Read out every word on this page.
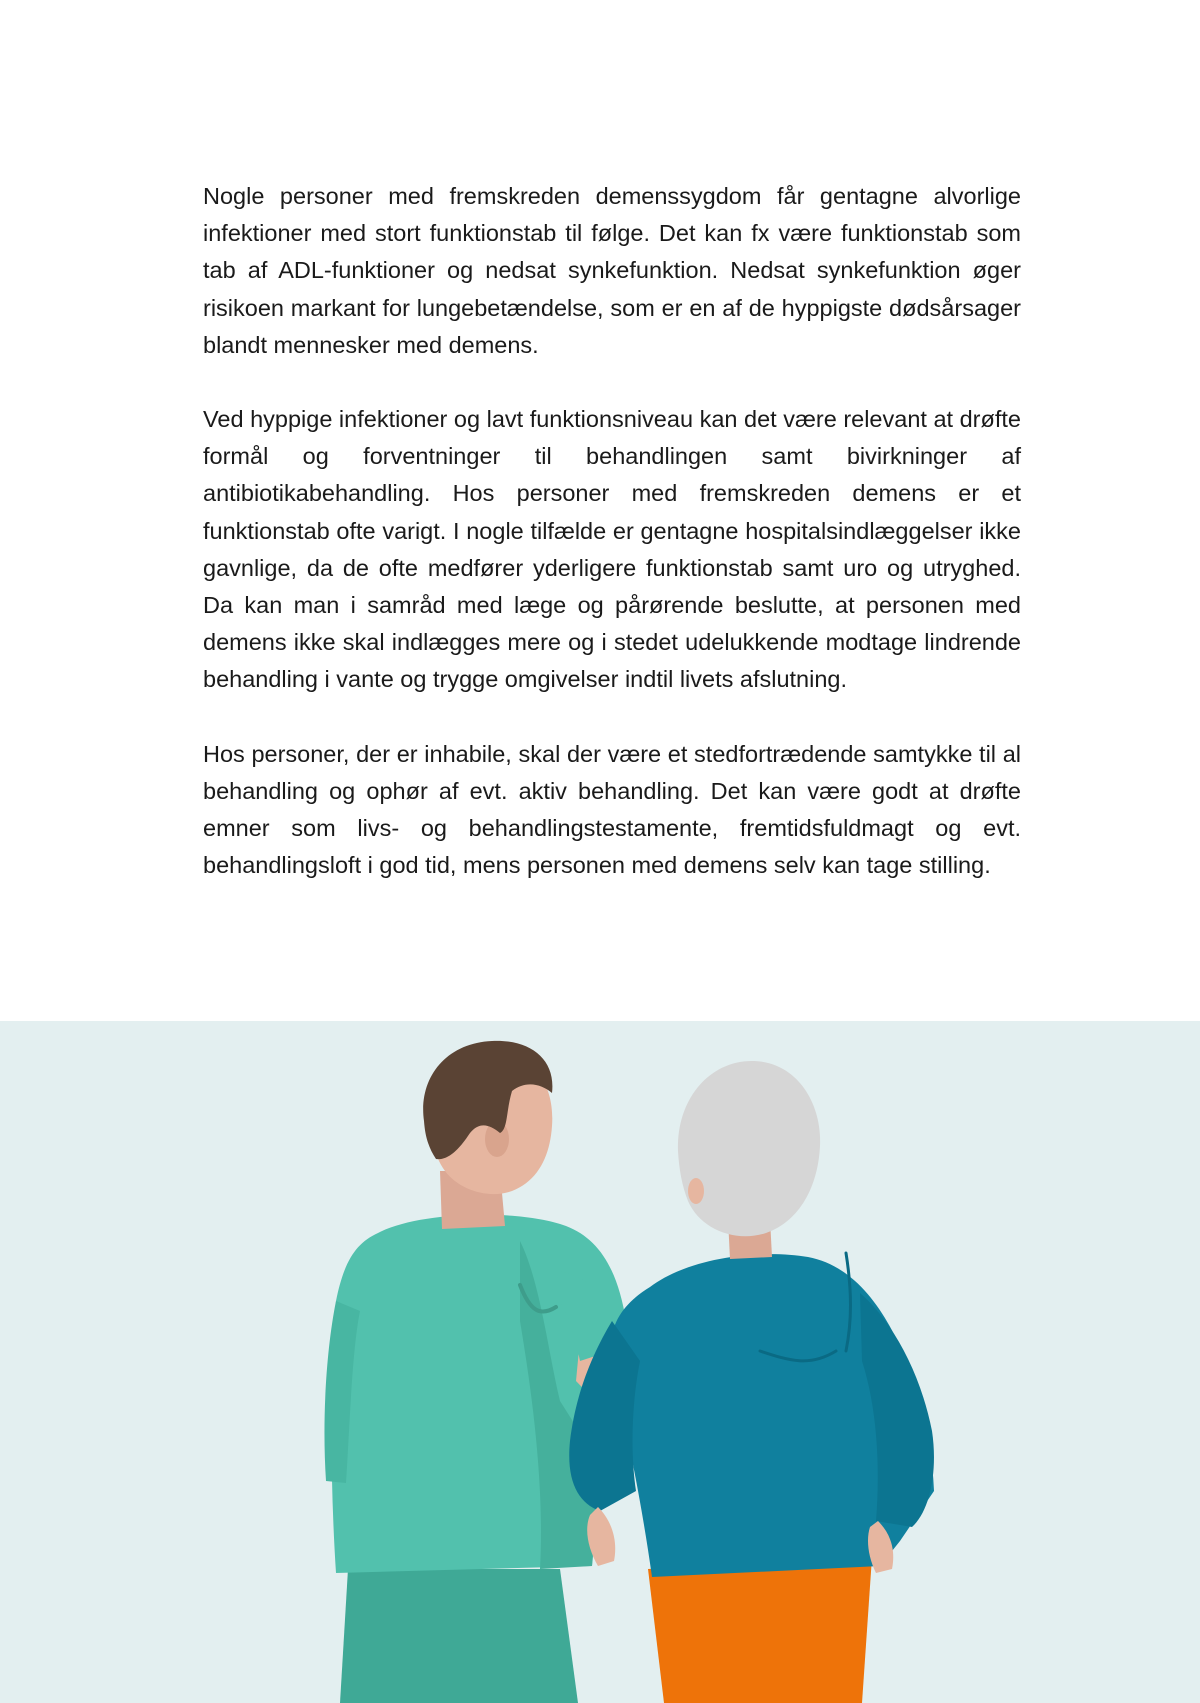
Nogle personer med fremskreden demenssygdom får gentagne alvorlige infektioner med stort funktionstab til følge. Det kan fx være funktionstab som tab af ADL-funktioner og nedsat synkefunktion. Nedsat synkefunktion øger risikoen markant for lungebetændelse, som er en af de hyppigste dødsårsager blandt mennesker med demens.

Ved hyppige infektioner og lavt funktionsniveau kan det være relevant at drøfte formål og forventninger til behandlingen samt bivirkninger af antibiotikabehandling. Hos personer med fremskreden demens er et funktionstab ofte varigt. I nogle tilfælde er gentagne hospitalsindlæggelser ikke gavnlige, da de ofte medfører yderligere funktionstab samt uro og utryghed. Da kan man i samråd med læge og pårørende beslutte, at personen med demens ikke skal indlægges mere og i stedet udelukkende modtage lindrende behandling i vante og trygge omgivelser indtil livets afslutning.

Hos personer, der er inhabile, skal der være et stedfortrædende samtykke til al behandling og ophør af evt. aktiv behandling. Det kan være godt at drøfte emner som livs- og behandlingstestamente, fremtidsfuldmagt og evt. behandlingsloft i god tid, mens personen med demens selv kan tage stilling.
